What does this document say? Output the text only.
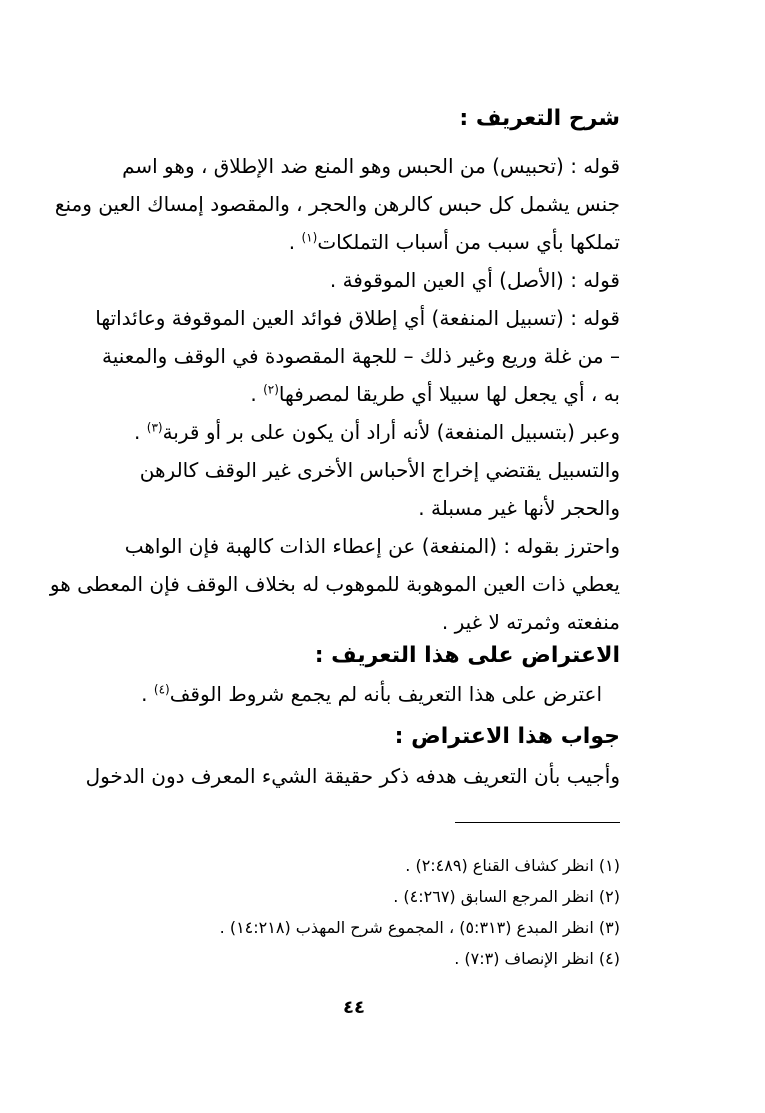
شرح التعريف :
قوله : (تحبيس) من الحبس وهو المنع ضد الإطلاق ، وهو اسم
جنس يشمل كل حبس كالرهن والحجر ، والمقصود إمساك العين ومنع
تملكها بأي سبب من أسباب التملكات$^{(١)}$ .
قوله : (الأصل) أي العين الموقوفة .
قوله : (تسبيل المنفعة) أي إطلاق فوائد العين الموقوفة وعائداتها
– من غلة وريع وغير ذلك – للجهة المقصودة في الوقف والمعنية
به ، أي يجعل لها سبيلا أي طريقا لمصرفها$^{(٢)}$ .
وعبر (بتسبيل المنفعة) لأنه أراد أن يكون على بر أو قربة$^{(٣)}$ .
والتسبيل يقتضي إخراج الأحباس الأخرى غير الوقف كالرهن
والحجر لأنها غير مسبلة .
واحترز بقوله : (المنفعة) عن إعطاء الذات كالهبة فإن الواهب
يعطي ذات العين الموهوبة للموهوب له بخلاف الوقف فإن المعطى هو
منفعته وثمرته لا غير .
الاعتراض على هذا التعريف :
اعترض على هذا التعريف بأنه لم يجمع شروط الوقف$^{(٤)}$ .
جواب هذا الاعتراض :
وأجيب بأن التعريف هدفه ذكر حقيقة الشيء المعرف دون الدخول
(١) انظر كشاف القناع (٢:٤٨٩) .
(٢) انظر المرجع السابق (٤:٢٦٧) .
(٣) انظر المبدع (٥:٣١٣) ، المجموع شرح المهذب (١٤:٢١٨) .
(٤) انظر الإنصاف (٧:٣) .
٤٤
